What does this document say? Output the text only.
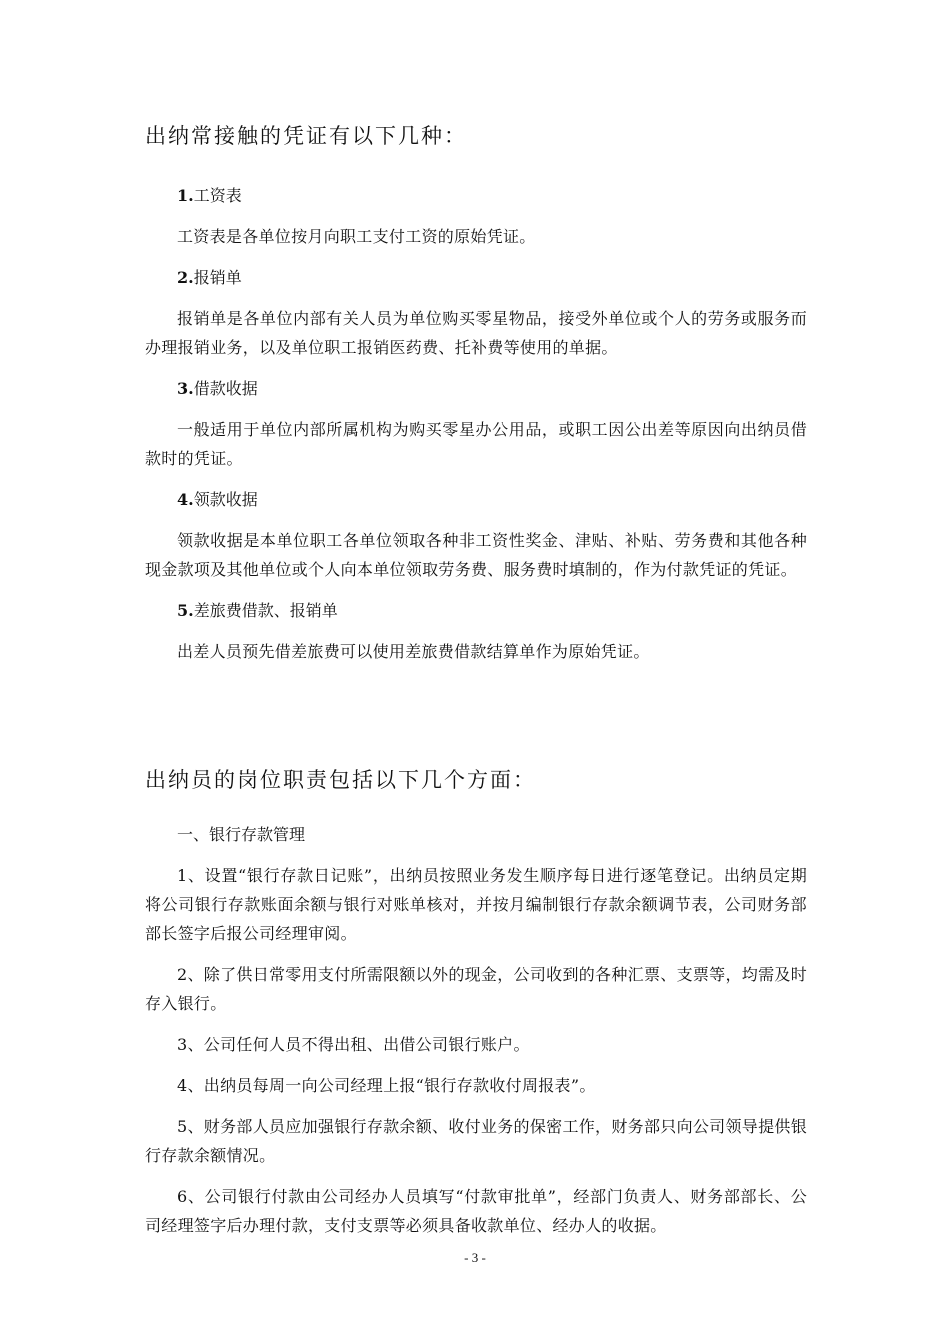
出纳常接触的凭证有以下几种：
1.工资表

工资表是各单位按月向职工支付工资的原始凭证。

2.报销单

报销单是各单位内部有关人员为单位购买零星物品，接受外单位或个人的劳务或服务而办理报销业务，以及单位职工报销医药费、托补费等使用的单据。

3.借款收据

一般适用于单位内部所属机构为购买零星办公用品，或职工因公出差等原因向出纳员借款时的凭证。

4.领款收据

领款收据是本单位职工各单位领取各种非工资性奖金、津贴、补贴、劳务费和其他各种现金款项及其他单位或个人向本单位领取劳务费、服务费时填制的，作为付款凭证的凭证。

5.差旅费借款、报销单

出差人员预先借差旅费可以使用差旅费借款结算单作为原始凭证。

出纳员的岗位职责包括以下几个方面：
一、银行存款管理

1、设置“银行存款日记账”，出纳员按照业务发生顺序每日进行逐笔登记。出纳员定期将公司银行存款账面余额与银行对账单核对，并按月编制银行存款余额调节表，公司财务部部长签字后报公司经理审阅。

2、除了供日常零用支付所需限额以外的现金，公司收到的各种汇票、支票等，均需及时存入银行。

3、公司任何人员不得出租、出借公司银行账户。

4、出纳员每周一向公司经理上报“银行存款收付周报表”。

5、财务部人员应加强银行存款余额、收付业务的保密工作，财务部只向公司领导提供银行存款余额情况。

6、公司银行付款由公司经办人员填写“付款审批单”，经部门负责人、财务部部长、公司经理签字后办理付款，支付支票等必须具备收款单位、经办人的收据。

- 3 -
